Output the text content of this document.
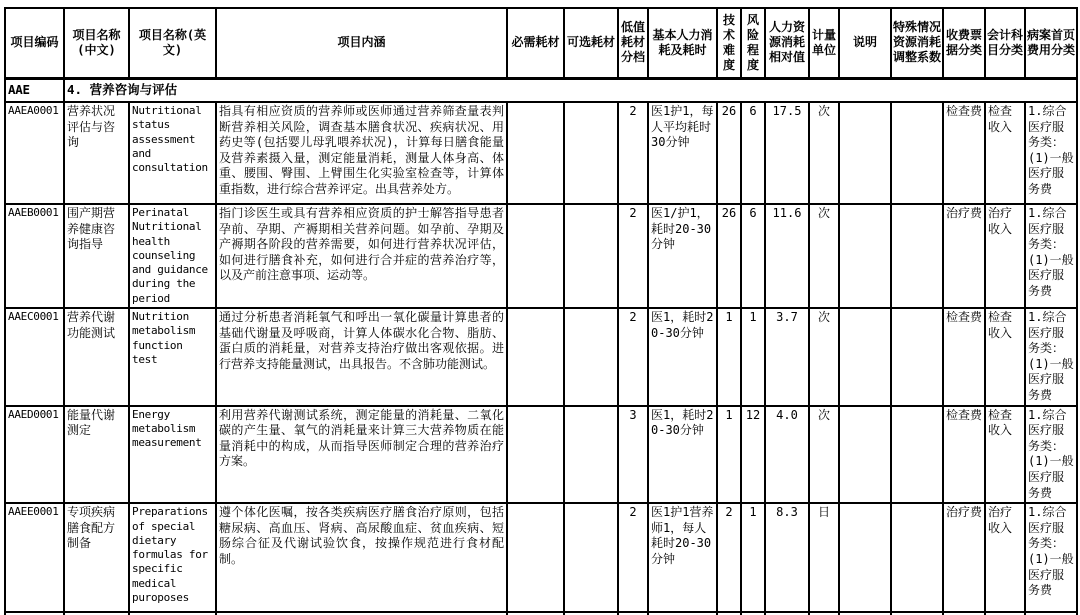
项目编码	项目名称(中文)	项目名称(英文)	项目内涵	必需耗材	可选耗材	低值耗材分档	基本人力消耗及耗时	技术难度	风险程度	人力资源消耗相对值	计量单位	说明	特殊情况资源消耗调整系数	收费票据分类	会计科目分类	病案首页费用分类
AAE	4. 营养咨询与评估															
AAEA0001	营养状况评估与咨询	Nutritional status assessment and consultation	指具有相应资质的营养师或医师通过营养筛查量表判断营养相关风险，调查基本膳食状况、疾病状况、用药史等(包括婴儿母乳喂养状况)，计算每日膳食能量及营养素摄入量，测定能量消耗，测量人体身高、体重、腰围、臀围、上臂围生化实验室检查等，计算体重指数，进行综合营养评定。出具营养处方。			2	医1护1，每人平均耗时30分钟	26	6	17.5	次			检查费	检查收入	1.综合医疗服务类：(1)一般医疗服务费
AAEB0001	围产期营养健康咨询指导	Perinatal Nutritional health counseling and guidance during the period	指门诊医生或具有营养相应资质的护士解答指导患者孕前、孕期、产褥期相关营养问题。如孕前、孕期及产褥期各阶段的营养需要，如何进行营养状况评估，如何进行膳食补充，如何进行合并症的营养治疗等，以及产前注意事项、运动等。			2	医1/护1，耗时20-30分钟	26	6	11.6	次			治疗费	治疗收入	1.综合医疗服务类：(1)一般医疗服务费
AAEC0001	营养代谢功能测试	Nutrition metabolism function test	通过分析患者消耗氧气和呼出一氧化碳量计算患者的基础代谢量及呼吸商，计算人体碳水化合物、脂肪、蛋白质的消耗量，对营养支持治疗做出客观依据。进行营养支持能量测试，出具报告。不含肺功能测试。			2	医1，耗时20-30分钟	1	1	3.7	次			检查费	检查收入	1.综合医疗服务类：(1)一般医疗服务费
AAED0001	能量代谢测定	Energy metabolism measurement	利用营养代谢测试系统，测定能量的消耗量、二氧化碳的产生量、氧气的消耗量来计算三大营养物质在能量消耗中的构成，从而指导医师制定合理的营养治疗方案。			3	医1，耗时20-30分钟	1	12	4.0	次			检查费	检查收入	1.综合医疗服务类：(1)一般医疗服务费
AAEE0001	专项疾病膳食配方制备	Preparations of special dietary formulas for specific medical puroposes	遵个体化医嘱，按各类疾病医疗膳食治疗原则，包括糖尿病、高血压、肾病、高尿酸血症、贫血疾病、短肠综合征及代谢试验饮食，按操作规范进行食材配制。			2	医1护1营养师1，每人耗时20-30分钟	2	1	8.3	日			治疗费	治疗收入	1.综合医疗服务类：(1)一般医疗服务费
